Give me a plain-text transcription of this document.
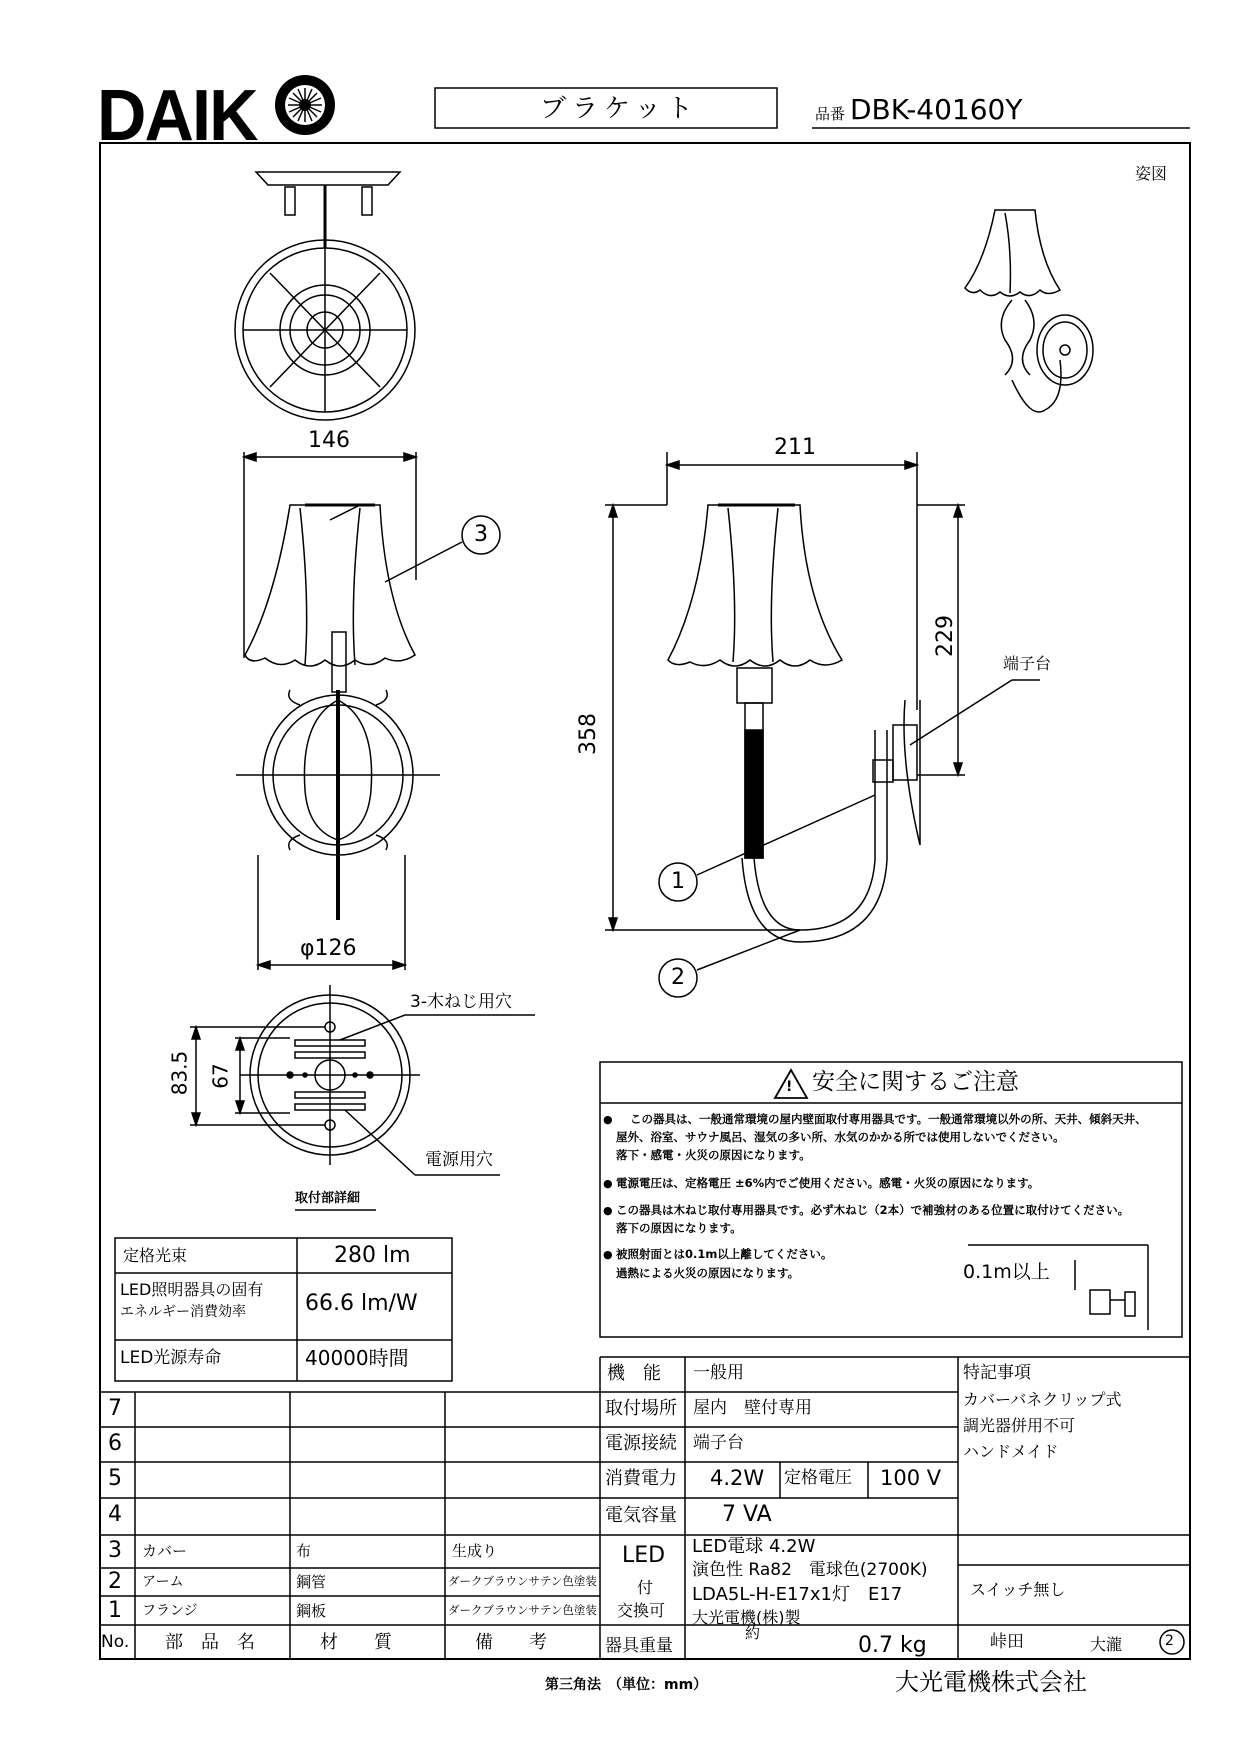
DAIK	ブラケット	品番 DBK-40160Y
姿図
146	211
358
229
φ126
83.5 67
3
1
2
端子台
3-木ねじ用穴
電源用穴
取付部詳細
定格光束	280 lm
LED照明器具の固有
エネルギー消費効率	66.6 lm/W
LED光源寿命	40000時間
! 安全に関するご注意
● この器具は、一般通常環境の屋内壁面取付専用器具です。一般通常環境以外の所、天井、傾斜天井、
屋外、浴室、サウナ風呂、湿気の多い所、水気のかかる所では使用しないでください。
落下・感電・火災の原因になります。
● 電源電圧は、定格電圧 ±6%内でご使用ください。感電・火災の原因になります。
● この器具は木ねじ取付専用器具です。必ず木ねじ（2本）で補強材のある位置に取付けてください。
落下の原因になります。
● 被照射面とは0.1m以上離してください。
過熱による火災の原因になります。	0.1m以上
機　能 一般用
取付場所 屋内　壁付専用
電源接続 端子台
消費電力 4.2W 定格電圧 100 V
電気容量 7 VA
LED
付
交換可
LED電球 4.2W
演色性 Ra82　電球色(2700K)
LDA5L-H-E17x1灯　E17
大光電機(株)製
器具重量
約	0.7 kg
特記事項
カバーバネクリップ式
調光器併用不可
ハンドメイド
スイッチ無し
峠田	大瀧	2
7
6
5
4
3 カバー	布	生成り
2 アーム	鋼管	ダークブラウンサテン色塗装
1 フランジ	鋼板	ダークブラウンサテン色塗装
No. 部　品　名	材　　質	備　　考
第三角法　（単位：mm）	大光電機株式会社
